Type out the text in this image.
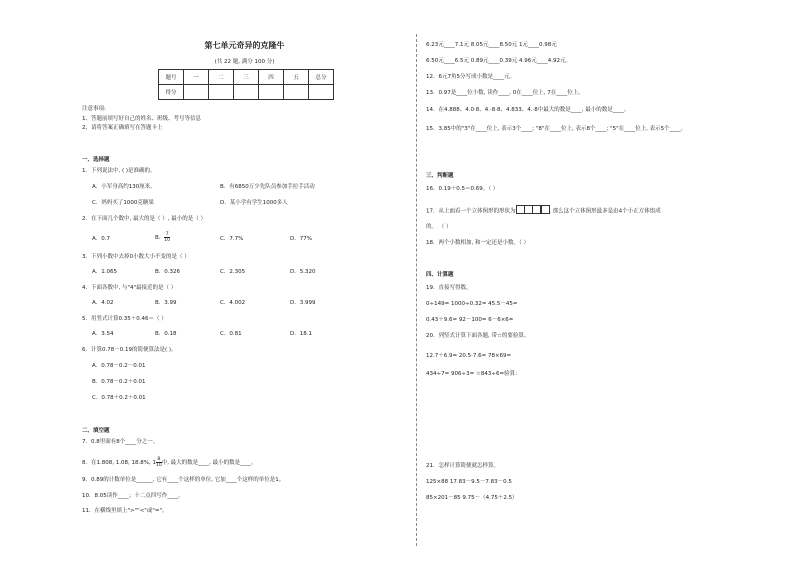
第七单元奇异的克隆牛
(共 22 题, 满分 100 分)
题号	一	二	三	四	五	总分
得分						
注意事项:
1、答题前填写好自己的姓名、班级、考号等信息
2、请将答案正确填写在答题卡上
一、选择题
1．下列说法中, ( )是准确的。
A．小军身高约130厘米。	B．有6850万少先队员参加手拉手活动
C．妈妈买了1000克糖果	D．某小学有学生1000多人
2．在下面几个数中, 最大的是（ ）, 最小的是（ ）
A．0.7	B． $\frac{7}{10}$	C．7.7%	D．77%
3．下列小数中去掉0小数大小不变的是（ ）
A．1.065	B．0.326	C．2.305	D．5.320
4．下面各数中, 与"4"最接近的是（ ）
A．4.02	B．3.99	C．4.002	D．3.999
5．用竖式计算0.35＋0.46＝（ ）
A．3.54	B．0.18	C．0.81	D．18.1
6．计算0.78－0.19的简便算法是( )。
A．0.78－0.2－0.01
B．0.78－0.2＋0.01
C．0.78＋0.2＋0.01
二、填空题
7．0.8里面有8个____分之一。
8．在1.808, 1.08, 18.8%, $1 \frac{8}{10}$ 中, 最大的数是____, 最小的数是____。
9．0.89的计数单位是______, 它有____个这样的单位, 它加____个这样的单位是1。
10．8.05读作____；十二点四写作____。
11．在横线里填上">""<"或"="。
6.23元____7.1元 8.05元____8.50元 1元____0.98元
6.50元____6.5元 0.89元____0.39元 4.96元____4.92元。
12．6元7角5分写成小数是____元。
13．0.97是____位小数, 读作____, 0在____位上, 7在____位上。
14．在4.888、4.0·8、4.·8·8、4.833、4.·8中最大的数是____, 最小的数是____。
15．3.85中的"3"在____位上, 表示3个____; "8"在____位上, 表示8个____; "5"在____位上, 表示5个____。
三、判断题
16．0.19＋0.5＝0.69。（ ）
17．从上面看一个立体图形的形状为	, 那么这个立体图形最多是由4个小正方体组成
的。 （ ）
18．两个小数相加, 和一定还是小数。（ ）
四、计算题
19．直接写得数。
0÷149= 1000÷0.32= 45.5－45=
0.43＋9.6= 92－100= 6－6×6=
20．列竖式计算下面各题, 带☆的要验算。
12.7＋6.9= 20.5·7.6= 78×69=
434÷7= 906÷3= ☆843÷6=验算：
21．怎样计算简便就怎样算。
125×88 17.83－9.5－7.83－0.5
85×201－85 9.75－（4.75＋2.5）
